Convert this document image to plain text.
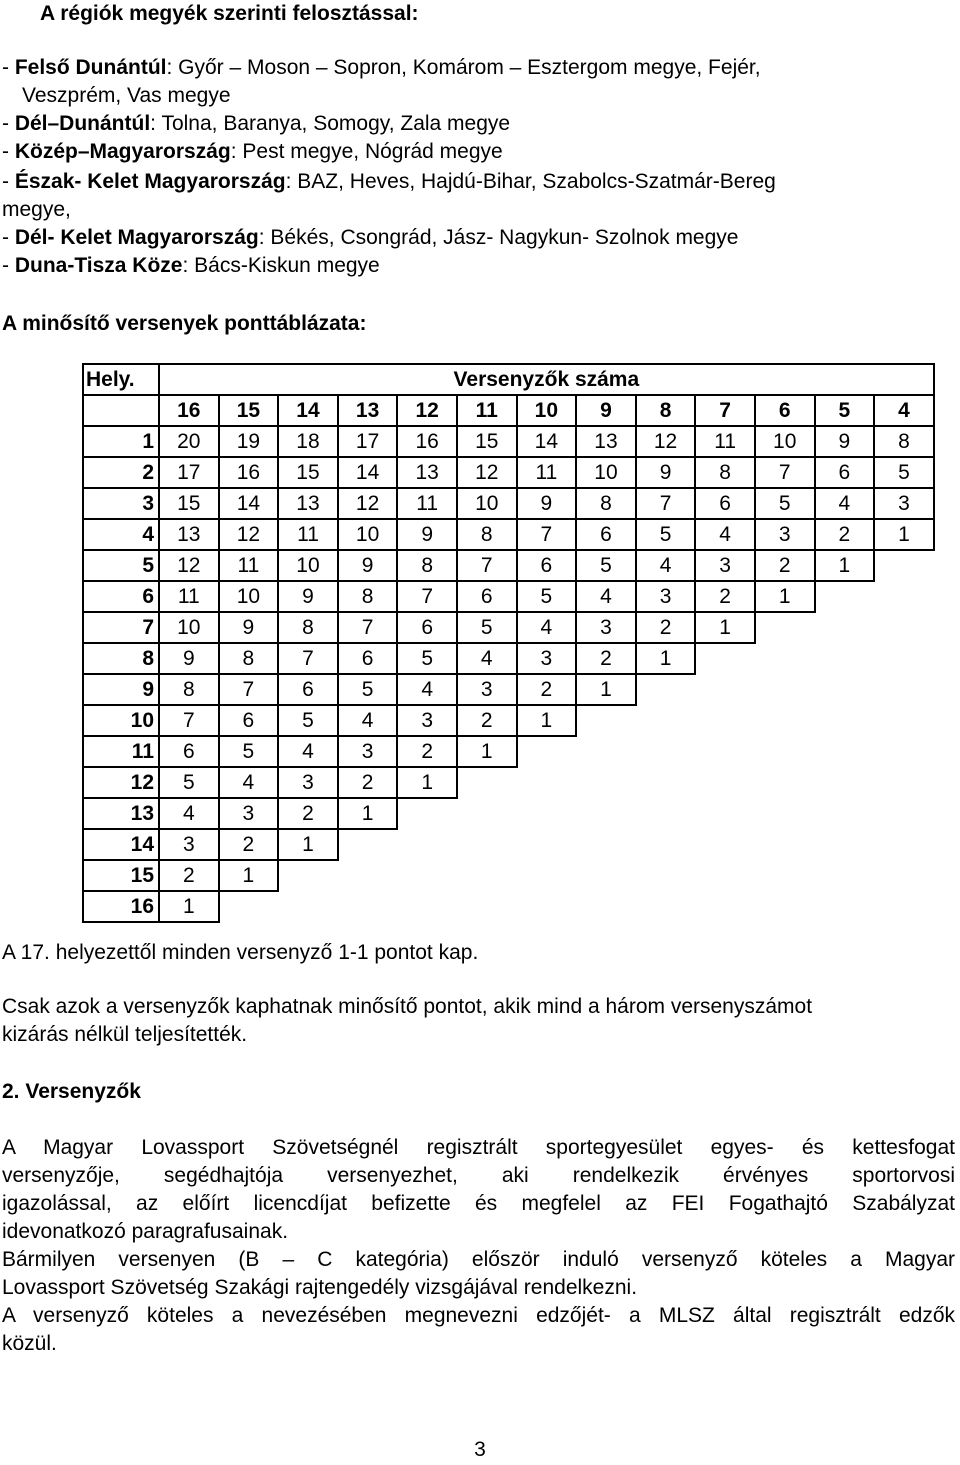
A régiók megyék szerinti felosztással:

- Felső Dunántúl: Győr – Moson – Sopron, Komárom – Esztergom megye, Fejér,

Veszprém, Vas megye

- Dél–Dunántúl: Tolna, Baranya, Somogy, Zala megye

- Közép–Magyarország: Pest megye, Nógrád megye

- Észak- Kelet Magyarország: BAZ, Heves, Hajdú-Bihar, Szabolcs-Szatmár-Bereg

megye,

- Dél- Kelet Magyarország: Békés, Csongrád, Jász- Nagykun- Szolnok megye

- Duna-Tisza Köze: Bács-Kiskun megye

A minősítő versenyek ponttáblázata:

Hely.	Versenyzők száma												
	16	15	14	13	12	11	10	9	8	7	6	5	4
1	20	19	18	17	16	15	14	13	12	11	10	9	8
2	17	16	15	14	13	12	11	10	9	8	7	6	5
3	15	14	13	12	11	10	9	8	7	6	5	4	3
4	13	12	11	10	9	8	7	6	5	4	3	2	1
5	12	11	10	9	8	7	6	5	4	3	2	1	
6	11	10	9	8	7	6	5	4	3	2	1		
7	10	9	8	7	6	5	4	3	2	1			
8	9	8	7	6	5	4	3	2	1				
9	8	7	6	5	4	3	2	1					
10	7	6	5	4	3	2	1						
11	6	5	4	3	2	1							
12	5	4	3	2	1								
13	4	3	2	1									
14	3	2	1										
15	2	1											
16	1												

A 17. helyezettől minden versenyző 1-1 pontot kap.

Csak azok a versenyzők kaphatnak minősítő pontot, akik mind a három versenyszámot

kizárás nélkül teljesítették.

2. Versenyzők

A Magyar Lovassport Szövetségnél regisztrált sportegyesület egyes- és kettesfogat

versenyzője, segédhajtója versenyezhet, aki rendelkezik érvényes sportorvosi

igazolással, az előírt licencdíjat befizette és megfelel az FEI Fogathajtó Szabályzat

idevonatkozó paragrafusainak.

Bármilyen versenyen (B – C kategória) először induló versenyző köteles a Magyar

Lovassport Szövetség Szakági rajtengedély vizsgájával rendelkezni.

A versenyző köteles a nevezésében megnevezni edzőjét- a MLSZ által regisztrált edzők

közül.

3
